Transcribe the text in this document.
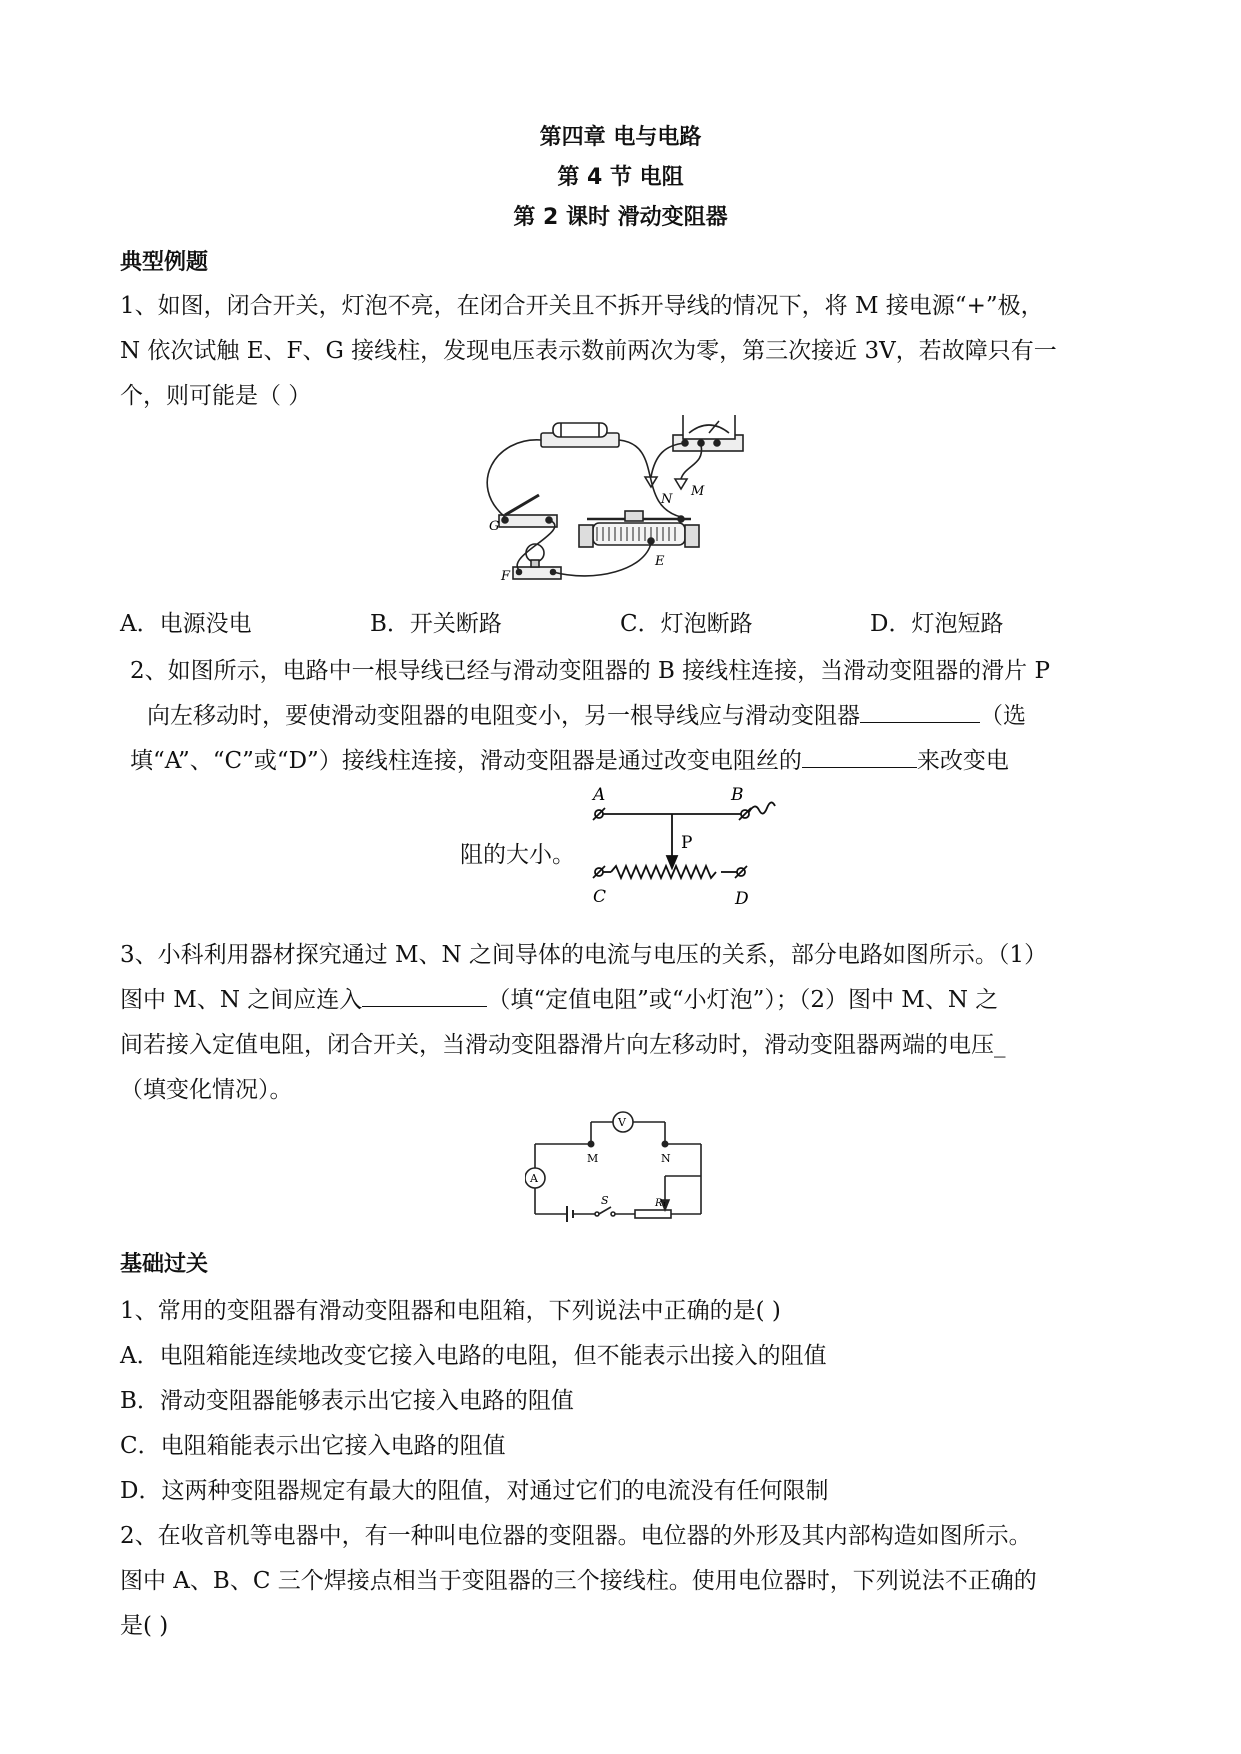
第四章 电与电路
第 4 节 电阻
第 2 课时 滑动变阻器
典型例题
1、如图，闭合开关，灯泡不亮，在闭合开关且不拆开导线的情况下，将 M 接电源“+”极，
N 依次试触 E、F、G 接线柱，发现电压表示数前两次为零，第三次接近 3V，若故障只有一
个，则可能是（ ）
G
F
E
N
M
A．电源没电	B．开关断路	C．灯泡断路	D．灯泡短路
2、如图所示，电路中一根导线已经与滑动变阻器的 B 接线柱连接，当滑动变阻器的滑片 P
向左移动时，要使滑动变阻器的电阻变小，另一根导线应与滑动变阻器	（选
填“A”、“C”或“D”）接线柱连接，滑动变阻器是通过改变电阻丝的	来改变电
阻的大小。
A	B
P
C	D
3、小科利用器材探究通过 M、N 之间导体的电流与电压的关系，部分电路如图所示。（1）
图中 M、N 之间应连入	（填“定值电阻”或“小灯泡”）；（2）图中 M、N 之
间若接入定值电阻，闭合开关，当滑动变阻器滑片向左移动时，滑动变阻器两端的电压_
（填变化情况）。
V
A
M	N
S	R₁
基础过关
1、常用的变阻器有滑动变阻器和电阻箱，下列说法中正确的是( )
A．电阻箱能连续地改变它接入电路的电阻，但不能表示出接入的阻值
B．滑动变阻器能够表示出它接入电路的阻值
C．电阻箱能表示出它接入电路的阻值
D．这两种变阻器规定有最大的阻值，对通过它们的电流没有任何限制
2、在收音机等电器中，有一种叫电位器的变阻器。电位器的外形及其内部构造如图所示。
图中 A、B、C 三个焊接点相当于变阻器的三个接线柱。使用电位器时，下列说法不正确的
是( )
